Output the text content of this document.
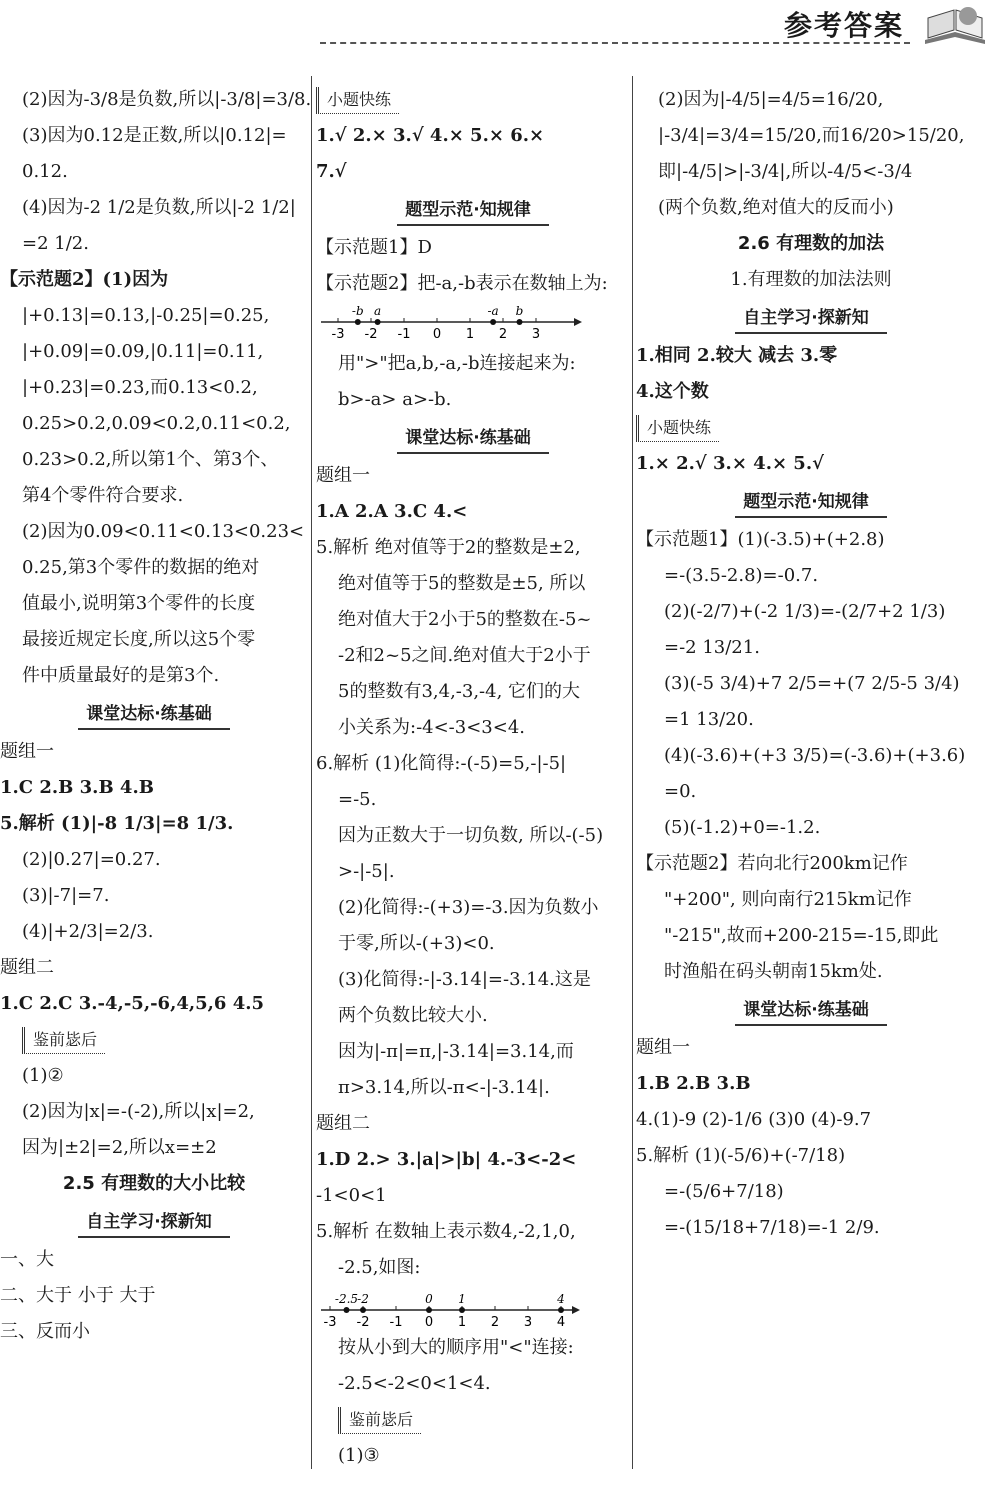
参考答案
(2)因为-3/8是负数,所以|-3/8|=3/8.
(3)因为0.12是正数,所以|0.12|=
0.12.
(4)因为-2 1/2是负数,所以|-2 1/2|
=2 1/2.
【示范题2】(1)因为
|+0.13|=0.13,|-0.25|=0.25,
|+0.09|=0.09,|0.11|=0.11,
|+0.23|=0.23,而0.13<0.2,
0.25>0.2,0.09<0.2,0.11<0.2,
0.23>0.2,所以第1个、第3个、
第4个零件符合要求.
(2)因为0.09<0.11<0.13<0.23<
0.25,第3个零件的数据的绝对
值最小,说明第3个零件的长度
最接近规定长度,所以这5个零
件中质量最好的是第3个.
课堂达标·练基础
题组一
1.C 2.B 3.B 4.B
5.解析 (1)|-8 1/3|=8 1/3.
(2)|0.27|=0.27.
(3)|-7|=7.
(4)|+2/3|=2/3.
题组二
1.C 2.C 3.-4,-5,-6,4,5,6 4.5
鉴前毖后
(1)②
(2)因为|x|=-(-2),所以|x|=2,
因为|±2|=2,所以x=±2
2.5 有理数的大小比较
自主学习·探新知
一、大
二、大于 小于 大于
三、反而小
小题快练
1.√ 2.× 3.√ 4.× 5.× 6.×
7.√
题型示范·知规律
【示范题1】D
【示范题2】把-a,-b表示在数轴上为:
-3 -2 -1 0 1 2 3
-b a	-a b
用">"把a,b,-a,-b连接起来为:
b>-a> a>-b.
课堂达标·练基础
题组一
1.A 2.A 3.C 4.<
5.解析 绝对值等于2的整数是±2,
绝对值等于5的整数是±5, 所以
绝对值大于2小于5的整数在-5~
-2和2~5之间.绝对值大于2小于
5的整数有3,4,-3,-4, 它们的大
小关系为:-4<-3<3<4.
6.解析 (1)化简得:-(-5)=5,-|-5|
=-5.
因为正数大于一切负数, 所以-(-5)
>-|-5|.
(2)化简得:-(+3)=-3.因为负数小
于零,所以-(+3)<0.
(3)化简得:-|-3.14|=-3.14.这是
两个负数比较大小.
因为|-π|=π,|-3.14|=3.14,而
π>3.14,所以-π<-|-3.14|.
题组二
1.D 2.> 3.|a|>|b| 4.-3<-2<
-1<0<1
5.解析 在数轴上表示数4,-2,1,0,
-2.5,如图:
-3 -2 -1 0 1 2 3 4
-2.5 -2	0 1	4
按从小到大的顺序用"<"连接:
-2.5<-2<0<1<4.
鉴前毖后
(1)③
(2)因为|-4/5|=4/5=16/20,
|-3/4|=3/4=15/20,而16/20>15/20,
即|-4/5|>|-3/4|,所以-4/5<-3/4
(两个负数,绝对值大的反而小)
2.6 有理数的加法
1.有理数的加法法则
自主学习·探新知
1.相同 2.较大 减去 3.零
4.这个数
小题快练
1.× 2.√ 3.× 4.× 5.√
题型示范·知规律
【示范题1】(1)(-3.5)+(+2.8)
=-(3.5-2.8)=-0.7.
(2)(-2/7)+(-2 1/3)=-(2/7+2 1/3)
=-2 13/21.
(3)(-5 3/4)+7 2/5=+(7 2/5-5 3/4)
=1 13/20.
(4)(-3.6)+(+3 3/5)=(-3.6)+(+3.6)
=0.
(5)(-1.2)+0=-1.2.
【示范题2】若向北行200km记作
"+200", 则向南行215km记作
"-215",故而+200-215=-15,即此
时渔船在码头朝南15km处.
课堂达标·练基础
题组一
1.B 2.B 3.B
4.(1)-9 (2)-1/6 (3)0 (4)-9.7
5.解析 (1)(-5/6)+(-7/18)
=-(5/6+7/18)
=-(15/18+7/18)=-1 2/9.
